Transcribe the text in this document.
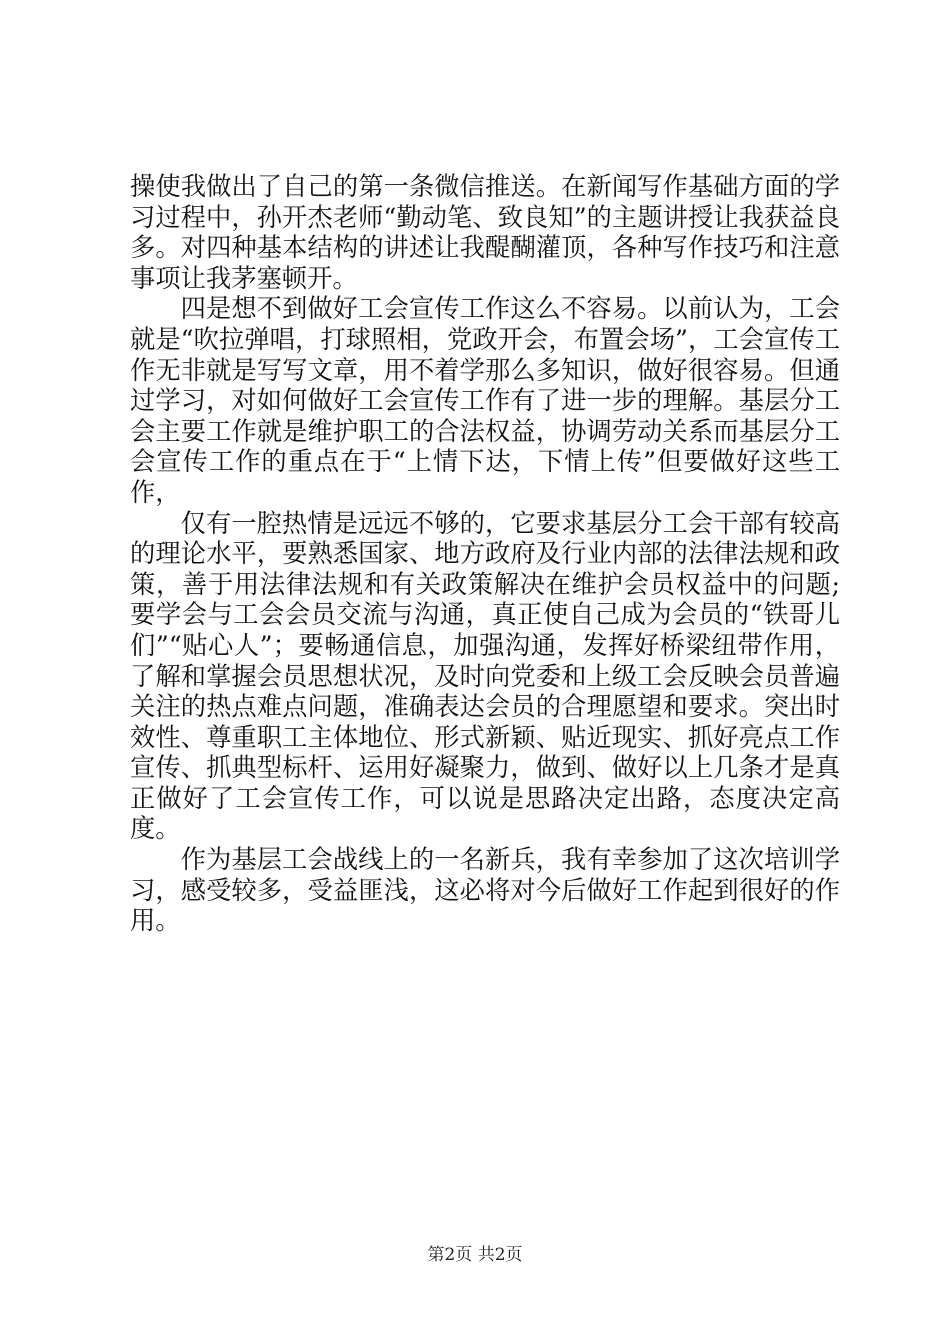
操使我做出了自己的第一条微信推送。在新闻写作基础方面的学习过程中，孙开杰老师“勤动笔、致良知”的主题讲授让我获益良多。对四种基本结构的讲述让我醍醐灌顶，各种写作技巧和注意事项让我茅塞顿开。

四是想不到做好工会宣传工作这么不容易。以前认为，工会就是“吹拉弹唱，打球照相，党政开会，布置会场”，工会宣传工作无非就是写写文章，用不着学那么多知识，做好很容易。但通过学习，对如何做好工会宣传工作有了进一步的理解。基层分工会主要工作就是维护职工的合法权益，协调劳动关系而基层分工会宣传工作的重点在于“上情下达，下情上传”但要做好这些工作，

仅有一腔热情是远远不够的，它要求基层分工会干部有较高的理论水平，要熟悉国家、地方政府及行业内部的法律法规和政策，善于用法律法规和有关政策解决在维护会员权益中的问题;要学会与工会会员交流与沟通，真正使自己成为会员的“铁哥儿们”“贴心人”；要畅通信息，加强沟通，发挥好桥梁纽带作用，了解和掌握会员思想状况，及时向党委和上级工会反映会员普遍关注的热点难点问题，准确表达会员的合理愿望和要求。突出时效性、尊重职工主体地位、形式新颖、贴近现实、抓好亮点工作宣传、抓典型标杆、运用好凝聚力，做到、做好以上几条才是真正做好了工会宣传工作，可以说是思路决定出路，态度决定高度。

作为基层工会战线上的一名新兵，我有幸参加了这次培训学习，感受较多，受益匪浅，这必将对今后做好工作起到很好的作用。

第2页 共2页
